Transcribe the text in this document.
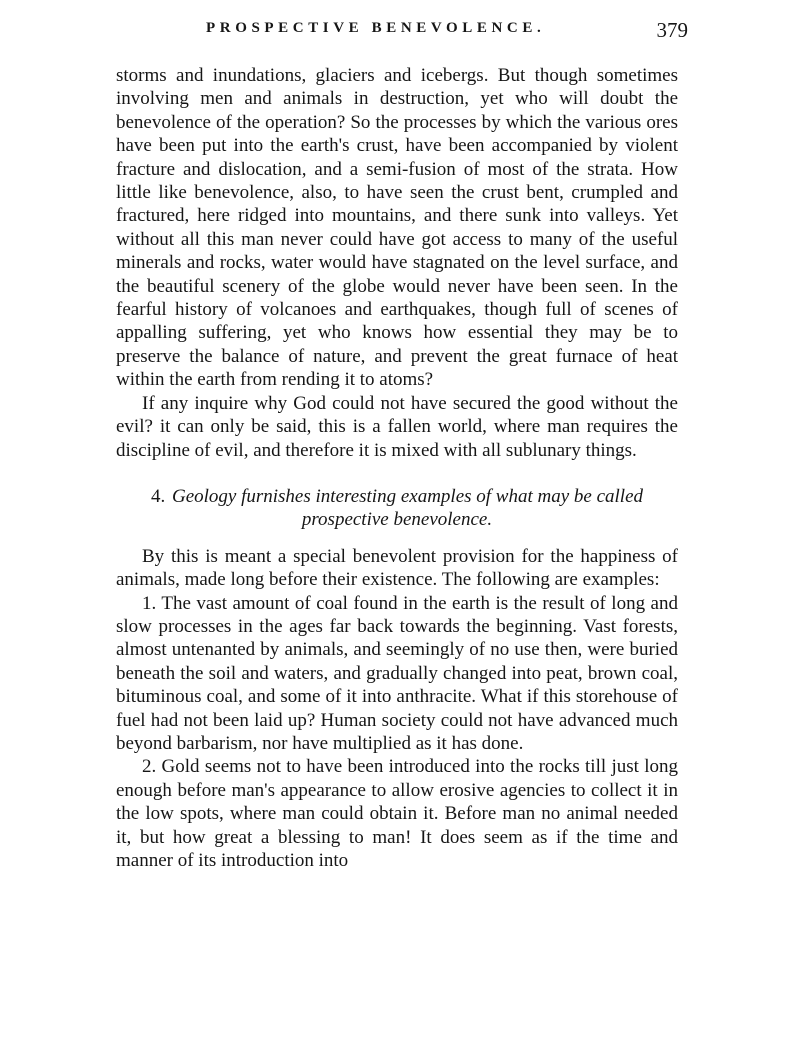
PROSPECTIVE BENEVOLENCE.	379

storms and inundations, glaciers and icebergs. But though sometimes involving men and animals in destruction, yet who will doubt the benevolence of the operation? So the processes by which the various ores have been put into the earth's crust, have been accompanied by violent fracture and dislocation, and a semi-fusion of most of the strata. How little like benevolence, also, to have seen the crust bent, crumpled and fractured, here ridged into mountains, and there sunk into valleys. Yet without all this man never could have got access to many of the useful minerals and rocks, water would have stagnated on the level surface, and the beautiful scenery of the globe would never have been seen. In the fearful history of volcanoes and earthquakes, though full of scenes of appalling suffering, yet who knows how essential they may be to preserve the balance of nature, and prevent the great furnace of heat within the earth from rending it to atoms?

If any inquire why God could not have secured the good without the evil? it can only be said, this is a fallen world, where man requires the discipline of evil, and therefore it is mixed with all sublunary things.

4. Geology furnishes interesting examples of what may be called prospective benevolence.

By this is meant a special benevolent provision for the happiness of animals, made long before their existence. The following are examples:

1. The vast amount of coal found in the earth is the result of long and slow processes in the ages far back towards the beginning. Vast forests, almost untenanted by animals, and seemingly of no use then, were buried beneath the soil and waters, and gradually changed into peat, brown coal, bituminous coal, and some of it into anthracite. What if this storehouse of fuel had not been laid up? Human society could not have advanced much beyond barbarism, nor have multiplied as it has done.

2. Gold seems not to have been introduced into the rocks till just long enough before man's appearance to allow erosive agencies to collect it in the low spots, where man could obtain it. Before man no animal needed it, but how great a blessing to man! It does seem as if the time and manner of its introduction into
